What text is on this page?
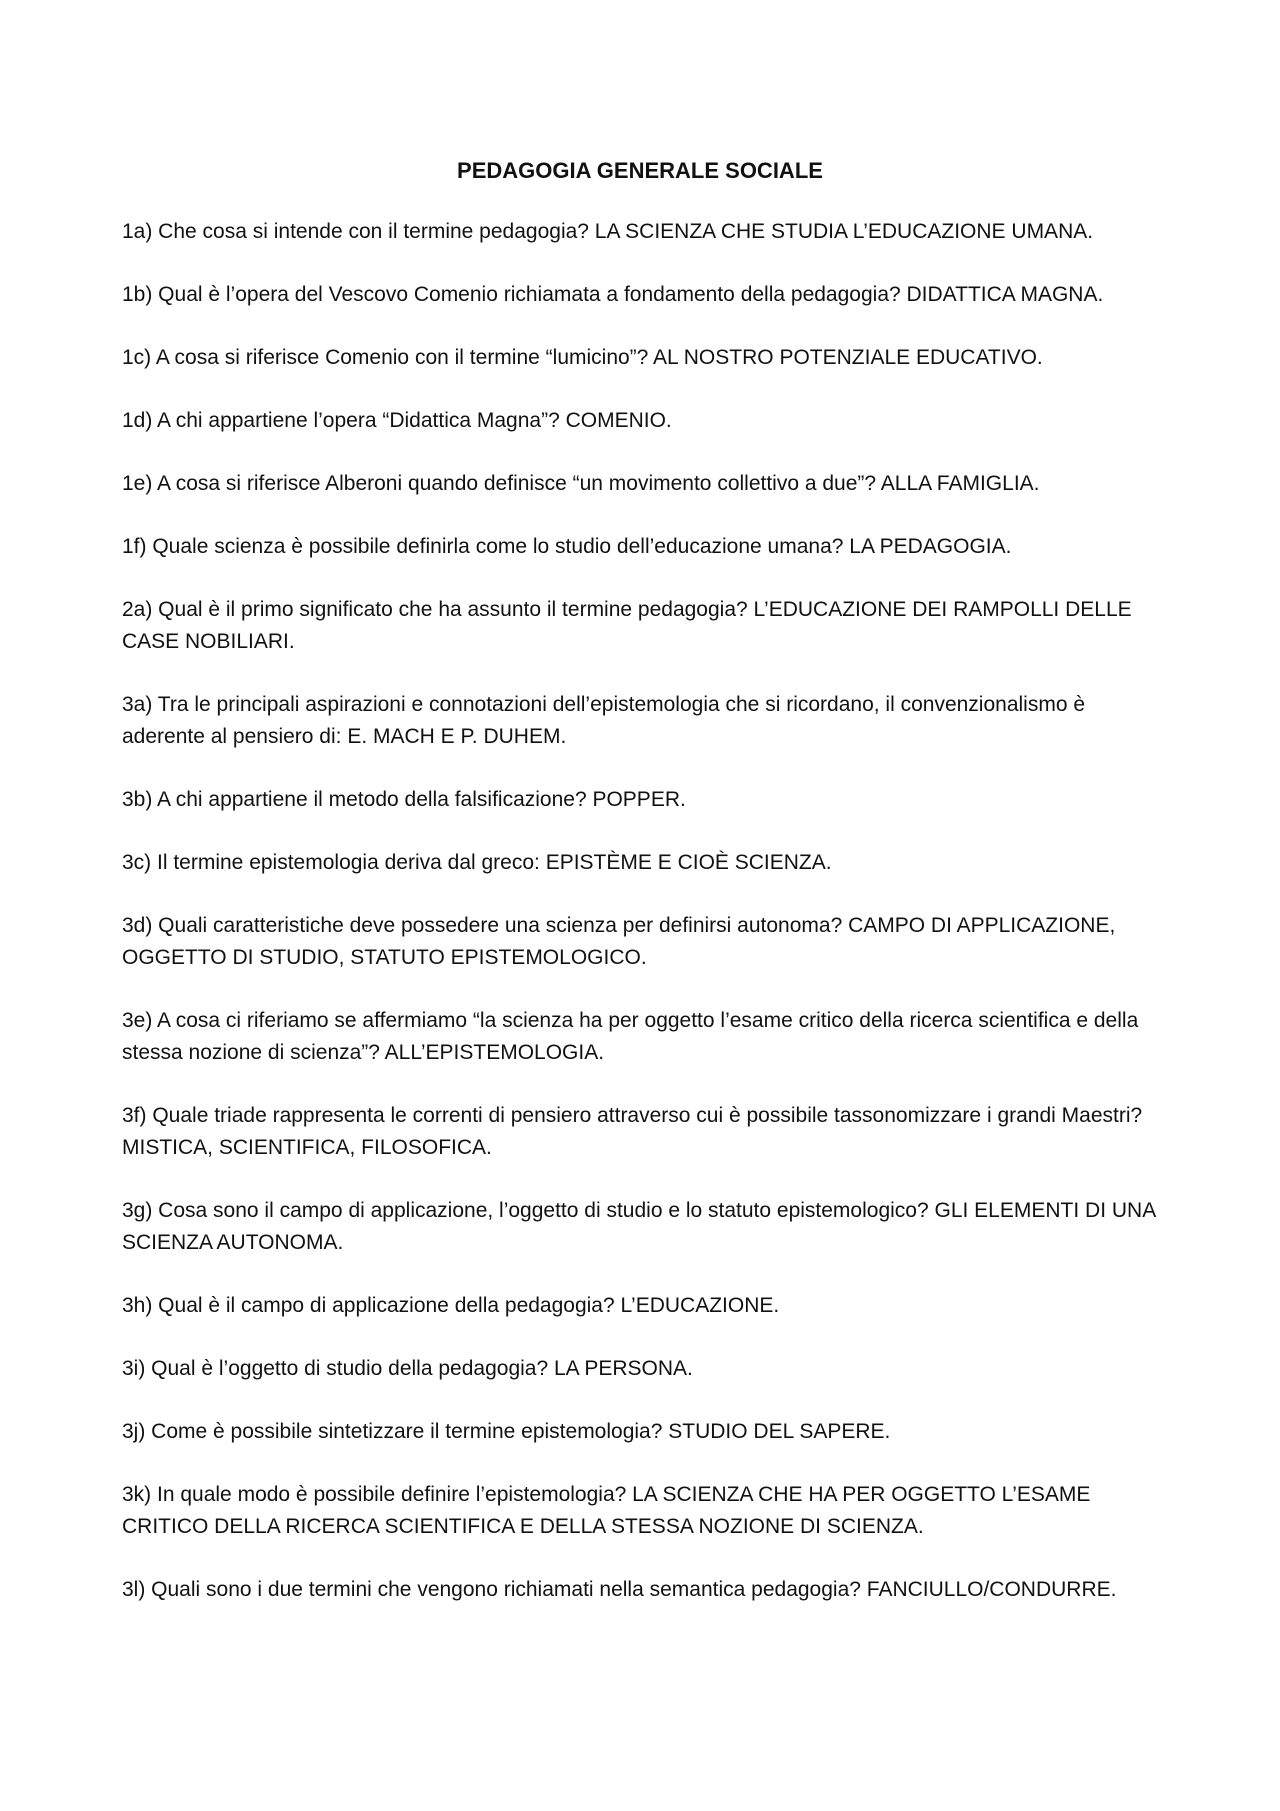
PEDAGOGIA GENERALE SOCIALE

1a) Che cosa si intende con il termine pedagogia? LA SCIENZA CHE STUDIA L’EDUCAZIONE UMANA.

1b) Qual è l’opera del Vescovo Comenio richiamata a fondamento della pedagogia? DIDATTICA MAGNA.

1c) A cosa si riferisce Comenio con il termine “lumicino”? AL NOSTRO POTENZIALE EDUCATIVO.

1d) A chi appartiene l’opera “Didattica Magna”? COMENIO.

1e) A cosa si riferisce Alberoni quando definisce “un movimento collettivo a due”? ALLA FAMIGLIA.

1f) Quale scienza è possibile definirla come lo studio dell’educazione umana? LA PEDAGOGIA.

2a) Qual è il primo significato che ha assunto il termine pedagogia? L’EDUCAZIONE DEI RAMPOLLI DELLE CASE NOBILIARI.

3a) Tra le principali aspirazioni e connotazioni dell’epistemologia che si ricordano, il convenzionalismo è aderente al pensiero di: E. MACH E P. DUHEM.

3b) A chi appartiene il metodo della falsificazione? POPPER.

3c) Il termine epistemologia deriva dal greco: EPISTÈME E CIOÈ SCIENZA.

3d) Quali caratteristiche deve possedere una scienza per definirsi autonoma? CAMPO DI APPLICAZIONE, OGGETTO DI STUDIO, STATUTO EPISTEMOLOGICO.

3e) A cosa ci riferiamo se affermiamo “la scienza ha per oggetto l’esame critico della ricerca scientifica e della stessa nozione di scienza”? ALL’EPISTEMOLOGIA.

3f) Quale triade rappresenta le correnti di pensiero attraverso cui è possibile tassonomizzare i grandi Maestri? MISTICA, SCIENTIFICA, FILOSOFICA.

3g) Cosa sono il campo di applicazione, l’oggetto di studio e lo statuto epistemologico? GLI ELEMENTI DI UNA SCIENZA AUTONOMA.

3h) Qual è il campo di applicazione della pedagogia? L’EDUCAZIONE.

3i) Qual è l’oggetto di studio della pedagogia? LA PERSONA.

3j) Come è possibile sintetizzare il termine epistemologia? STUDIO DEL SAPERE.

3k) In quale modo è possibile definire l’epistemologia? LA SCIENZA CHE HA PER OGGETTO L’ESAME CRITICO DELLA RICERCA SCIENTIFICA E DELLA STESSA NOZIONE DI SCIENZA.

3l) Quali sono i due termini che vengono richiamati nella semantica pedagogia? FANCIULLO/CONDURRE.
